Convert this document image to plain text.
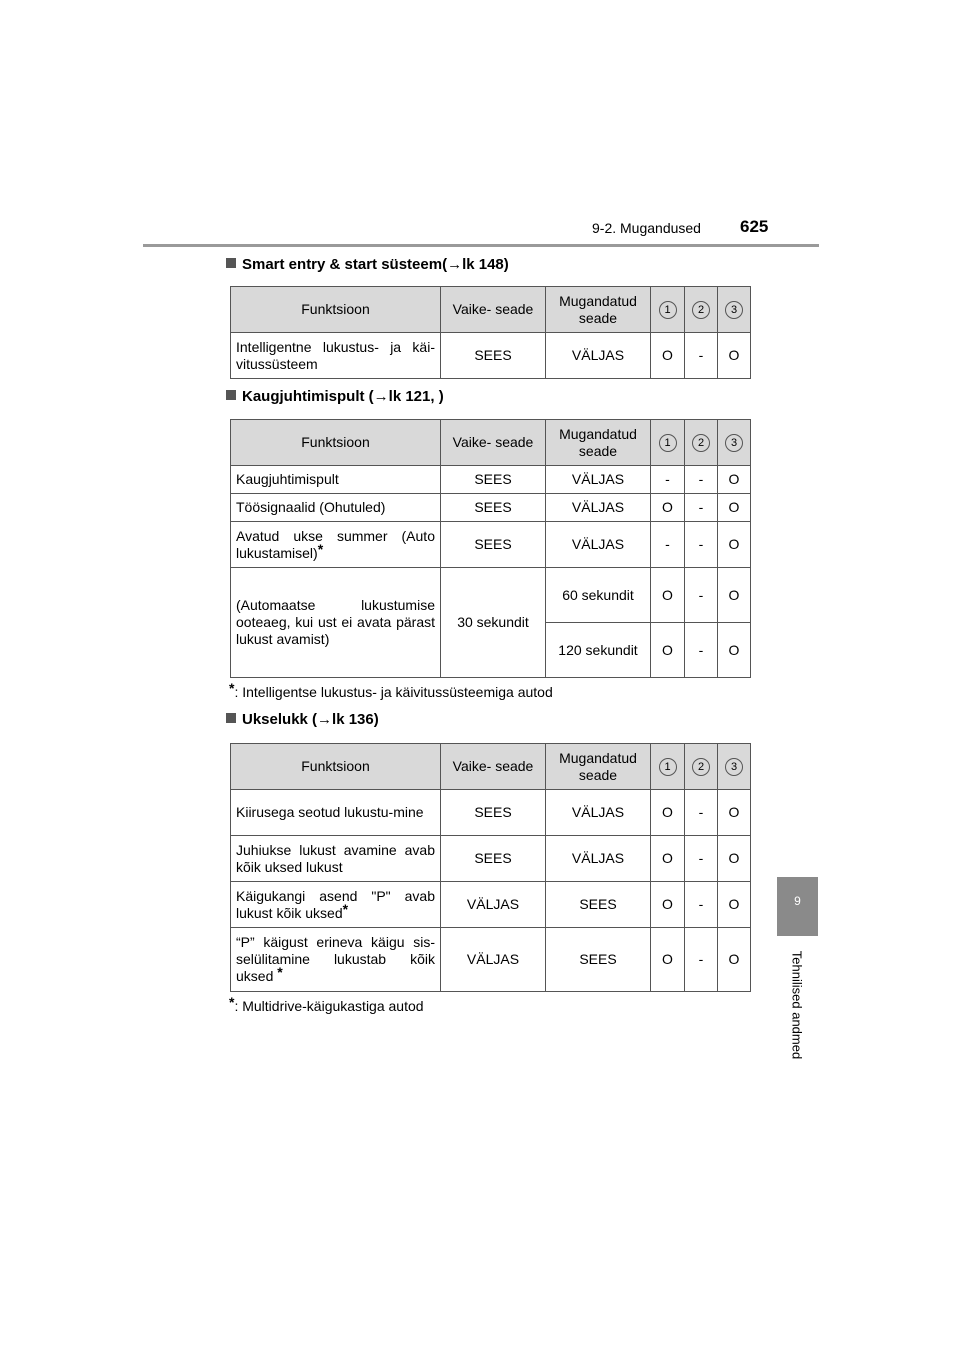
9-2. Mugandused 625
9
Tehnilised andmed
Smart entry & start süsteem(→lk 148)
Funktsioon	Vaike- seade	Mugandatud seade	1	2	3
Intelligentne lukustus- ja käi-vitussüsteem	SEES	VÄLJAS	O	-	O
Kaugjuhtimispult (→lk 121, )
Funktsioon	Vaike- seade	Mugandatud seade	1	2	3
Kaugjuhtimispult	SEES	VÄLJAS	-	-	O
Töösignaalid (Ohutuled)	SEES	VÄLJAS	O	-	O
Avatud ukse summer (Auto lukustamisel)*	SEES	VÄLJAS	-	-	O
(Automaatse lukustumise ooteaeg, kui ust ei avata pärast lukust avamist)	30 sekundit	60 sekundit	O	-	O
		120 sekundit	O	-	O
*: Intelligentse lukustus- ja käivitussüsteemiga autod
Ukselukk (→lk 136)
Funktsioon	Vaike- seade	Mugandatud seade	1	2	3
Kiirusega seotud lukustu-mine	SEES	VÄLJAS	O	-	O
Juhiukse lukust avamine avab kõik uksed lukust	SEES	VÄLJAS	O	-	O
Käigukangi asend "P" avab lukust kõik uksed*	VÄLJAS	SEES	O	-	O
“P” käigust erineva käigu sis-selülitamine lukustab kõik uksed *	VÄLJAS	SEES	O	-	O
*: Multidrive-käigukastiga autod
